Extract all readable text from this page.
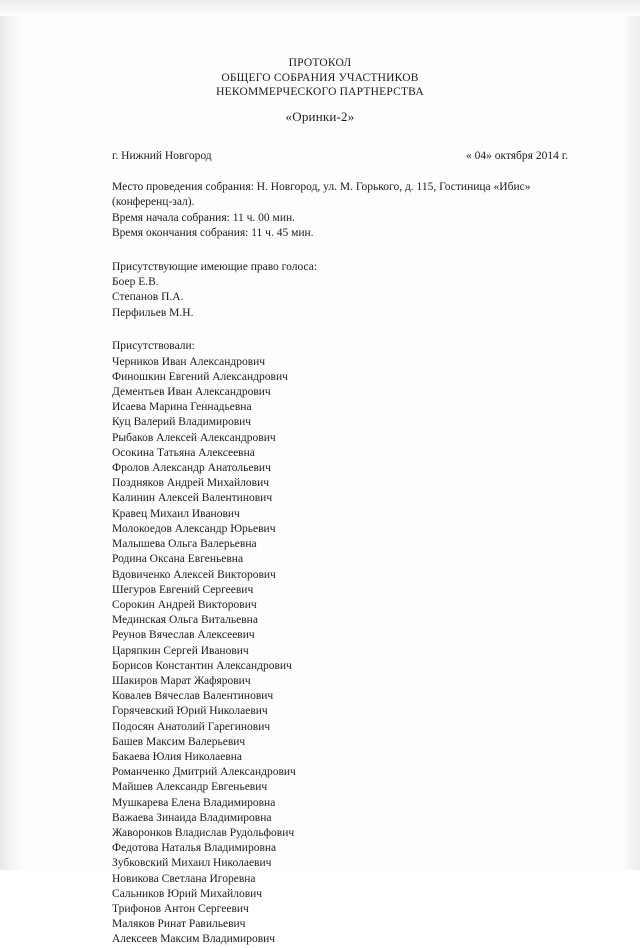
ПРОТОКОЛ
ОБЩЕГО СОБРАНИЯ УЧАСТНИКОВ
НЕКОММЕРЧЕСКОГО ПАРТНЕРСТВА
«Оринки-2»
г. Нижний Новгород	« 04» октября 2014 г.
Место проведения собрания: Н. Новгород, ул. М. Горького, д. 115, Гостиница «Ибис»
(конференц-зал).
Время начала собрания: 11 ч. 00 мин.
Время окончания собрания: 11 ч. 45 мин.
Присутствующие имеющие право голоса:
Боер Е.В.
Степанов П.А.
Перфильев М.Н.
Присутствовали:
Черников Иван Александрович
Финошкин Евгений Александрович
Дементьев Иван Александрович
Исаева Марина Геннадьевна
Куц Валерий Владимирович
Рыбаков Алексей Александрович
Осокина Татьяна Алексеевна
Фролов Александр Анатольевич
Поздняков Андрей Михайлович
Калинин Алексей Валентинович
Кравец Михаил Иванович
Молокоедов Александр Юрьевич
Малышева Ольга Валерьевна
Родина Оксана Евгеньевна
Вдовиченко Алексей Викторович
Шегуров Евгений Сергеевич
Сорокин Андрей Викторович
Мединская Ольга Витальевна
Реунов Вячеслав Алексеевич
Царяпкин Сергей Иванович
Борисов Константин Александрович
Шакиров Марат Жафярович
Ковалев Вячеслав Валентинович
Горячевский Юрий Николаевич
Подосян Анатолий Гарегинович
Башев Максим Валерьевич
Бакаева Юлия Николаевна
Романченко Дмитрий Александрович
Майшев Александр Евгеньевич
Мушкарева Елена Владимировна
Важаева Зинаида Владимировна
Жаворонков Владислав Рудольфович
Федотова Наталья Владимировна
Зубковский Михаил Николаевич
Новикова Светлана Игоревна
Сальников Юрий Михайлович
Трифонов Антон Сергеевич
Маляков Ринат Равильевич
Алексеев Максим Владимирович
